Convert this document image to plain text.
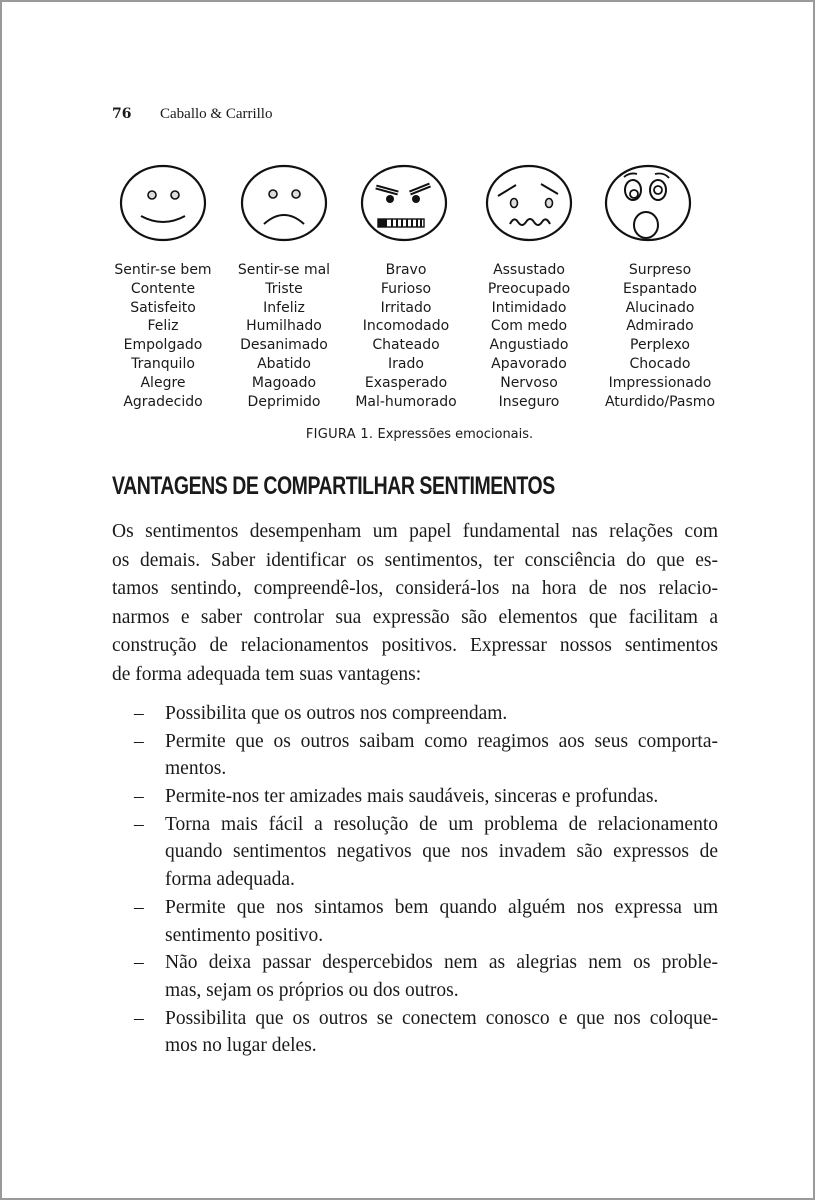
76 Caballo & Carrillo
Sentir-se bem
Contente
Satisfeito
Feliz
Empolgado
Tranquilo
Alegre
Agradecido
Sentir-se mal
Triste
Infeliz
Humilhado
Desanimado
Abatido
Magoado
Deprimido
Bravo
Furioso
Irritado
Incomodado
Chateado
Irado
Exasperado
Mal-humorado
Assustado
Preocupado
Intimidado
Com medo
Angustiado
Apavorado
Nervoso
Inseguro
Surpreso
Espantado
Alucinado
Admirado
Perplexo
Chocado
Impressionado
Aturdido/Pasmo
FIGURA 1. Expressões emocionais.
VANTAGENS DE COMPARTILHAR SENTIMENTOS
Os sentimentos desempenham um papel fundamental nas relações com
os demais. Saber identificar os sentimentos, ter consciência do que es-
tamos sentindo, compreendê-los, considerá-los na hora de nos relacio-
narmos e saber controlar sua expressão são elementos que facilitam a
construção de relacionamentos positivos. Expressar nossos sentimentos
de forma adequada tem suas vantagens:
– Possibilita que os outros nos compreendam.
– Permite que os outros saibam como reagimos aos seus comporta-
mentos.
– Permite-nos ter amizades mais saudáveis, sinceras e profundas.
– Torna mais fácil a resolução de um problema de relacionamento
quando sentimentos negativos que nos invadem são expressos de
forma adequada.
– Permite que nos sintamos bem quando alguém nos expressa um
sentimento positivo.
– Não deixa passar despercebidos nem as alegrias nem os proble-
mas, sejam os próprios ou dos outros.
– Possibilita que os outros se conectem conosco e que nos coloque-
mos no lugar deles.
